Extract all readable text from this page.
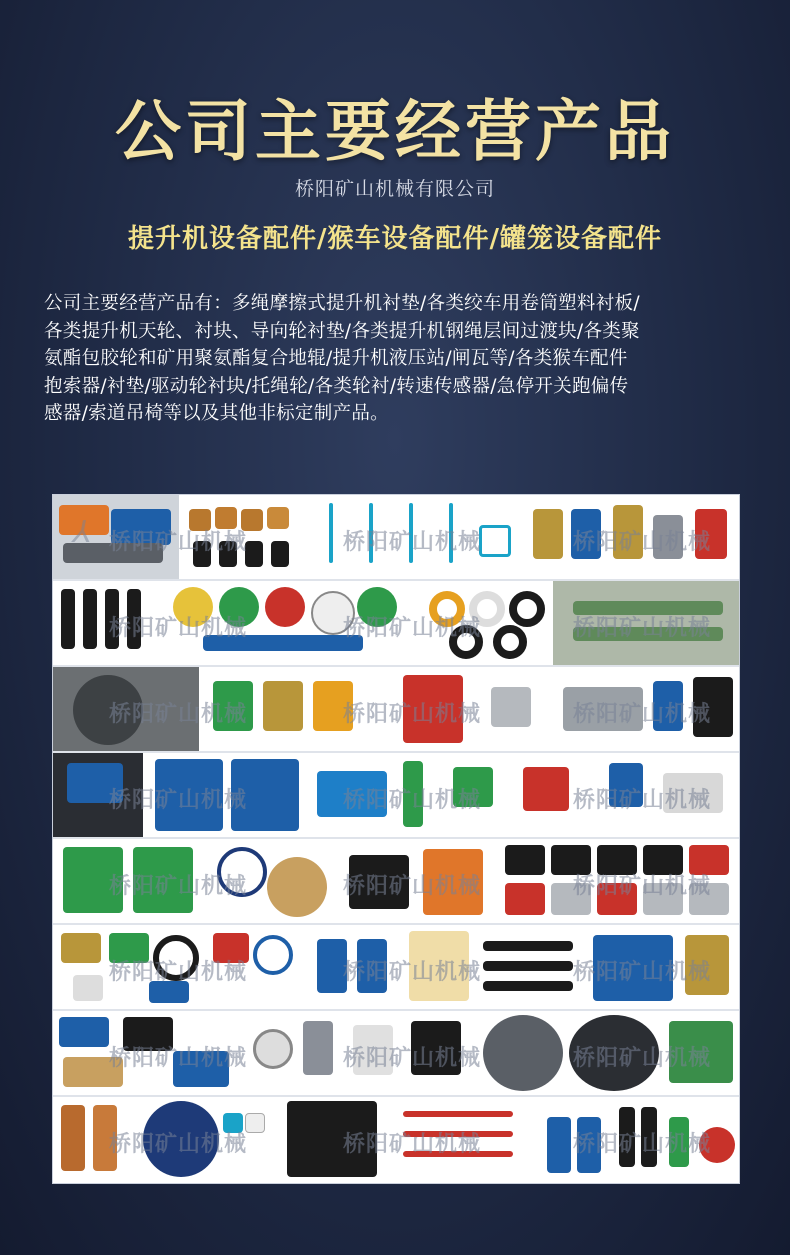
公司主要经营产品
桥阳矿山机械有限公司
提升机设备配件/猴车设备配件/罐笼设备配件
公司主要经营产品有：多绳摩擦式提升机衬垫/各类绞车用卷筒塑料衬板/
各类提升机天轮、衬块、导向轮衬垫/各类提升机钢绳层间过渡块/各类聚
氨酯包胶轮和矿用聚氨酯复合地辊/提升机液压站/闸瓦等/各类猴车配件
抱索器/衬垫/驱动轮衬块/托绳轮/各类轮衬/转速传感器/急停开关跑偏传
感器/索道吊椅等以及其他非标定制产品。
⅄ 桥阳矿山机械	桥阳矿山机械	桥阳矿山机械
桥阳矿山机械	桥阳矿山机械	桥阳矿山机械
桥阳矿山机械	桥阳矿山机械	桥阳矿山机械
桥阳矿山机械	桥阳矿山机械	桥阳矿山机械
桥阳矿山机械	桥阳矿山机械	桥阳矿山机械
桥阳矿山机械	桥阳矿山机械	桥阳矿山机械
桥阳矿山机械	桥阳矿山机械	桥阳矿山机械
桥阳矿山机械	桥阳矿山机械	桥阳矿山机械
